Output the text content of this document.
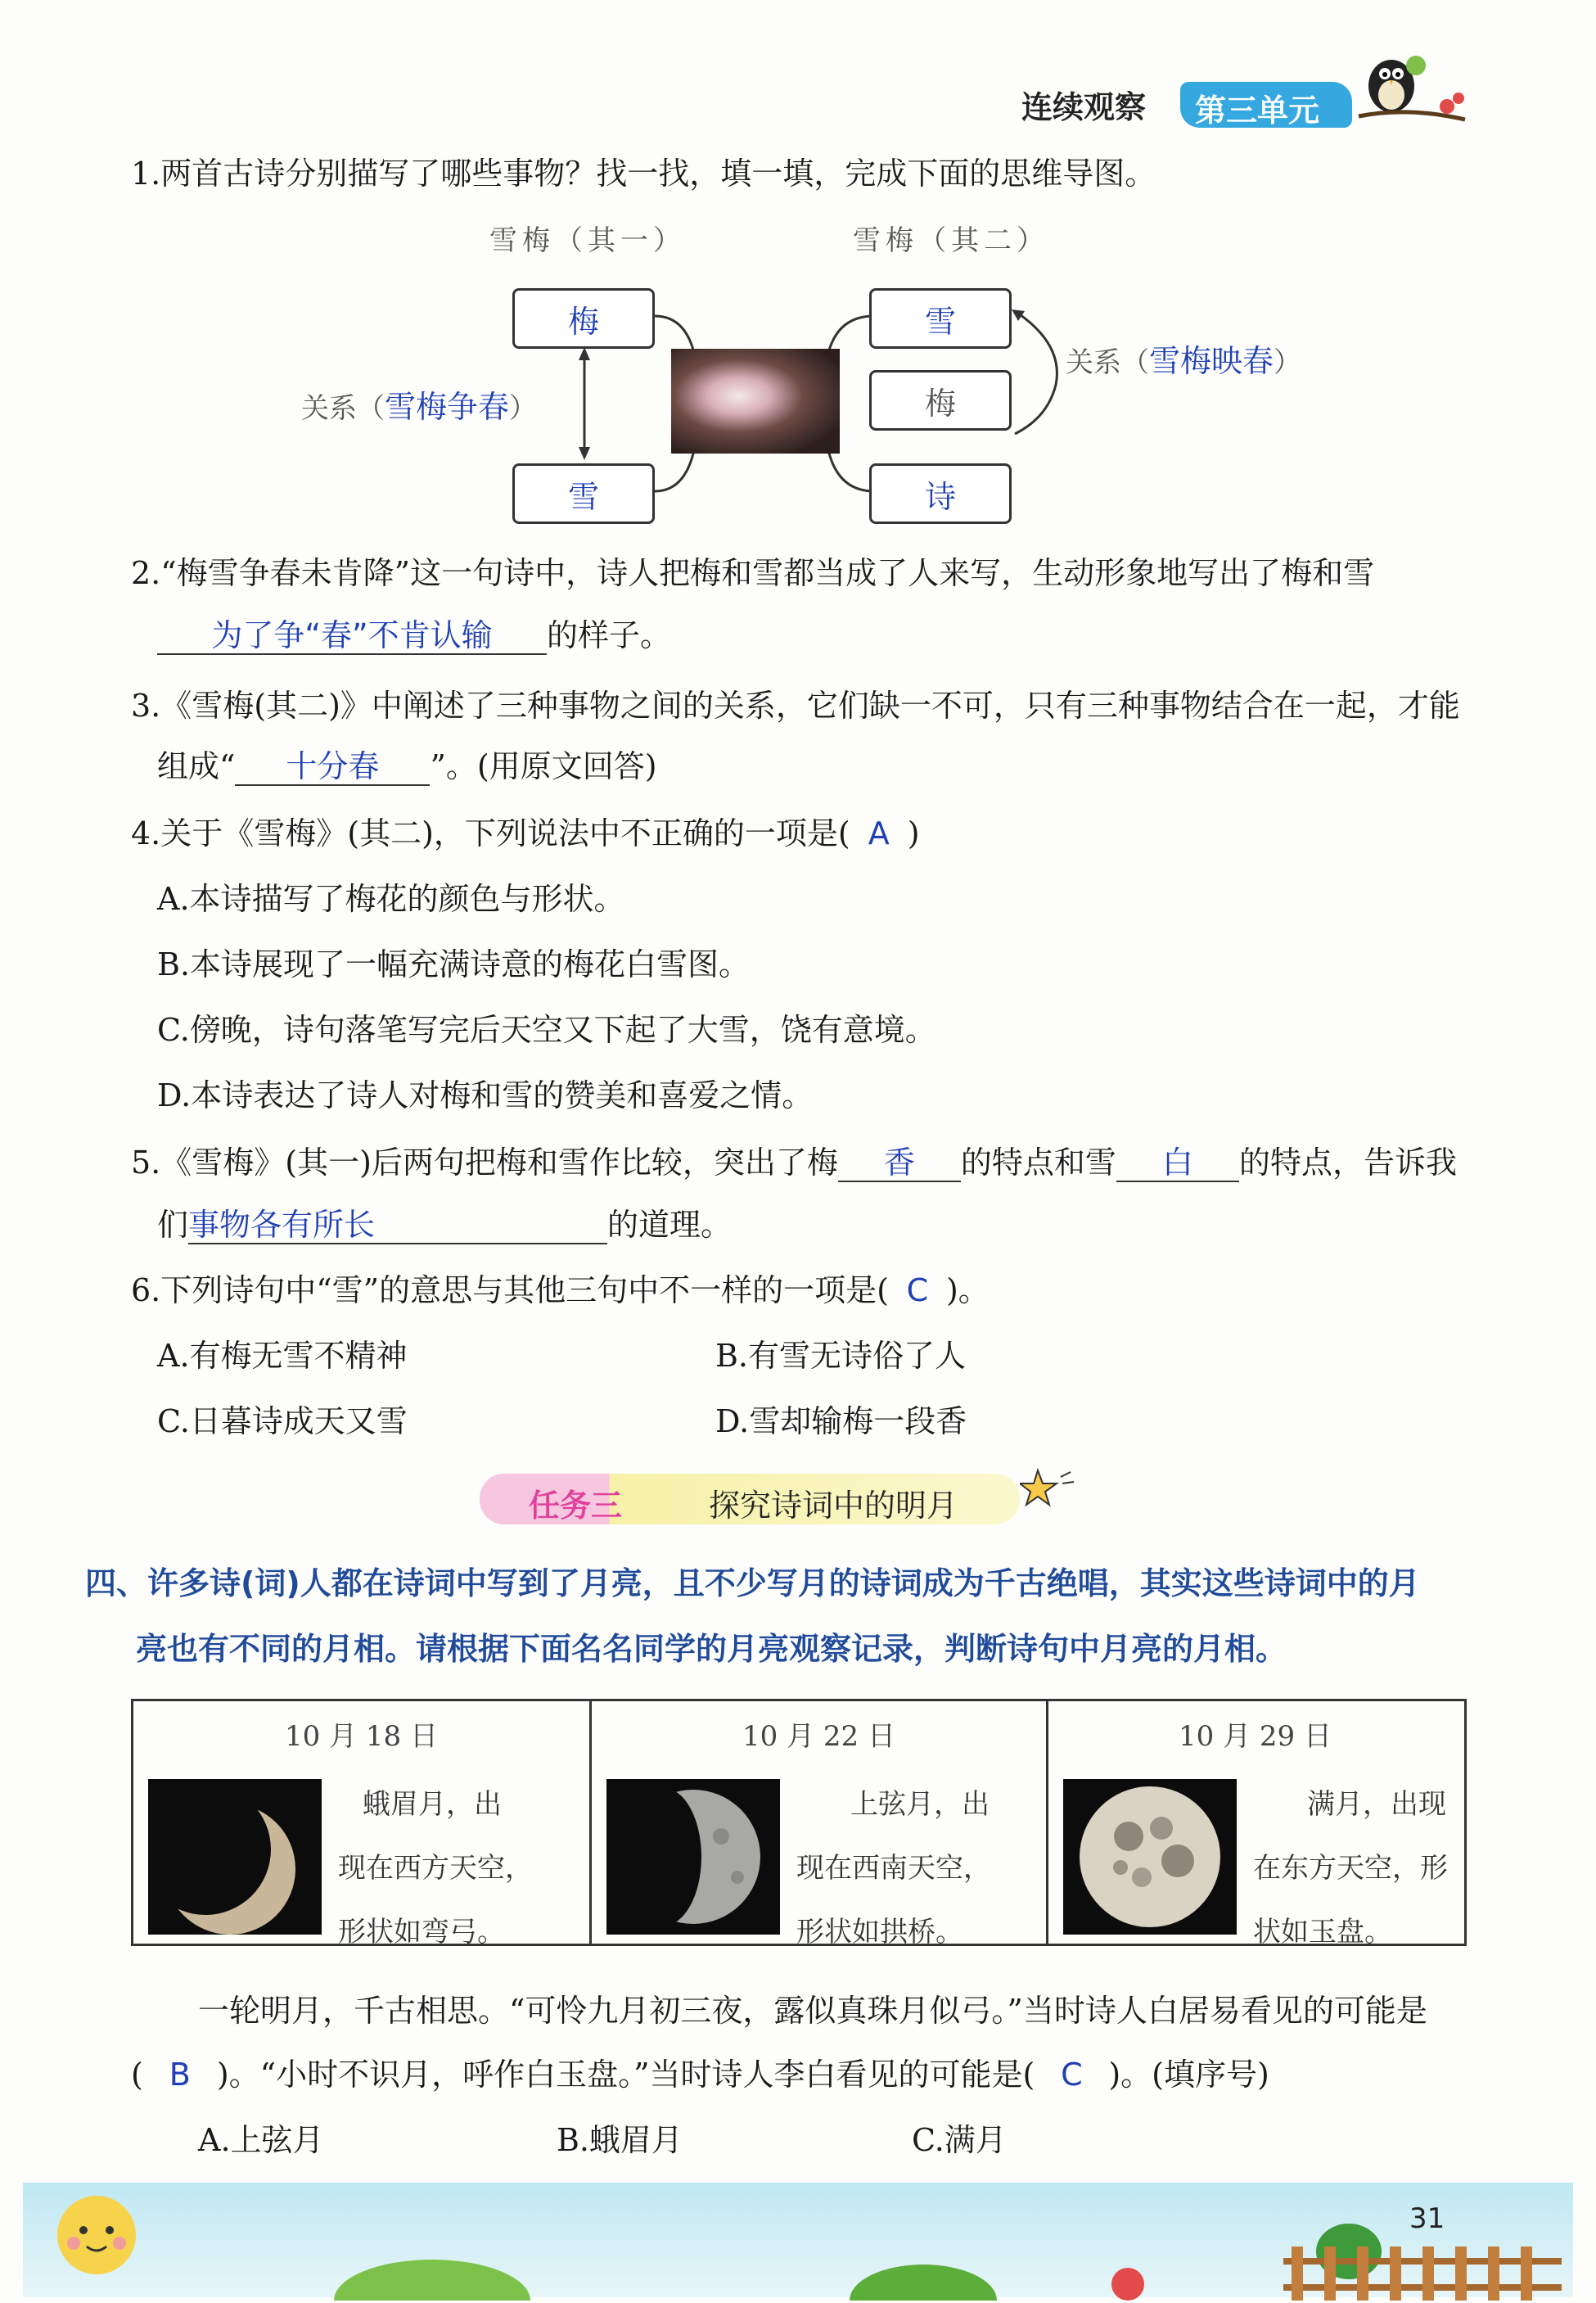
连续观察 第三单元
1.两首古诗分别描写了哪些事物？找一找，填一填，完成下面的思维导图。
雪梅（其一）	雪梅（其二）
梅
雪
雪
梅
诗
关系（雪梅争春）
关系（雪梅映春）
2.“梅雪争春未肯降”这一句诗中，诗人把梅和雪都当成了人来写，生动形象地写出了梅和雪
为了争“春”不肯认输 的样子。
3.《雪梅(其二)》中阐述了三种事物之间的关系，它们缺一不可，只有三种事物结合在一起，才能
组成“ 十分春 ”。(用原文回答)
4.关于《雪梅》(其二)，下列说法中不正确的一项是( A )
A.本诗描写了梅花的颜色与形状。
B.本诗展现了一幅充满诗意的梅花白雪图。
C.傍晚，诗句落笔写完后天空又下起了大雪，饶有意境。
D.本诗表达了诗人对梅和雪的赞美和喜爱之情。
5.《雪梅》(其一)后两句把梅和雪作比较，突出了梅 香 的特点和雪 白 的特点，告诉我
们事物各有所长	的道理。
6.下列诗句中“雪”的意思与其他三句中不一样的一项是( C )。
A.有梅无雪不精神	B.有雪无诗俗了人
C.日暮诗成天又雪	D.雪却输梅一段香
任务三	探究诗词中的明月
四、许多诗(词)人都在诗词中写到了月亮，且不少写月的诗词成为千古绝唱，其实这些诗词中的月
亮也有不同的月相。请根据下面名名同学的月亮观察记录，判断诗句中月亮的月相。
10 月 18 日
蛾眉月，出
现在西方天空，
形状如弯弓。
10 月 22 日
上弦月，出
现在西南天空，
形状如拱桥。
10 月 29 日
满月，出现
在东方天空，形
状如玉盘。
一轮明月，千古相思。“可怜九月初三夜，露似真珠月似弓。”当时诗人白居易看见的可能是
( B )。“小时不识月，呼作白玉盘。”当时诗人李白看见的可能是( C )。(填序号)
A.上弦月	B.蛾眉月	C.满月
31
